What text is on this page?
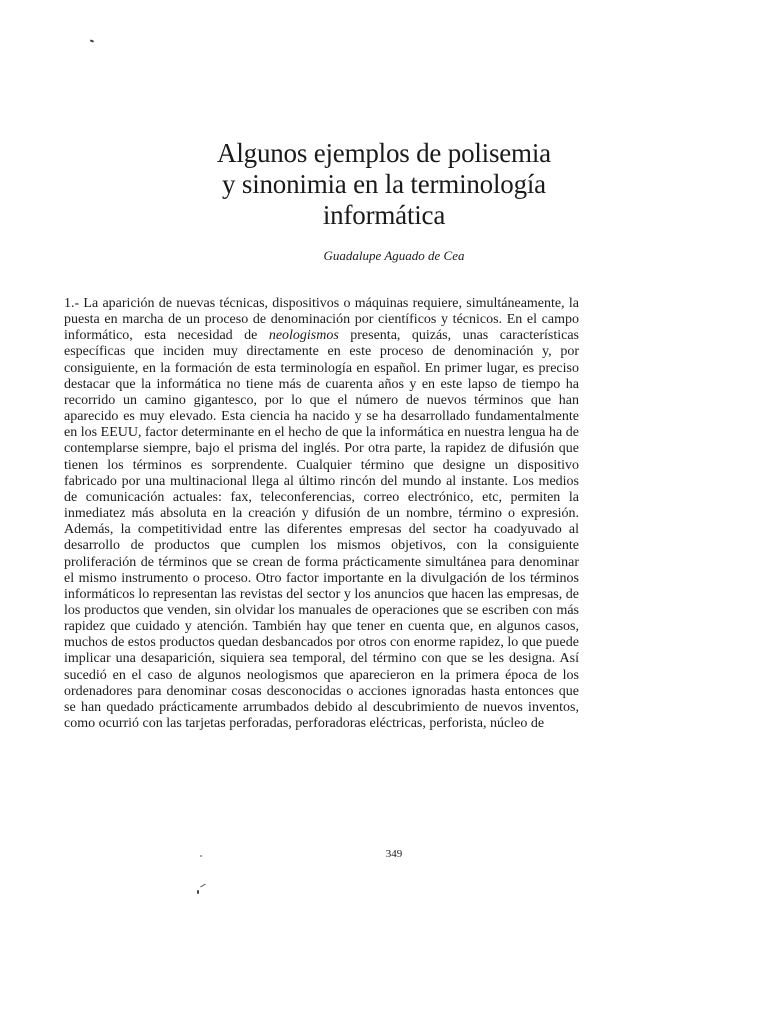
Algunos ejemplos de polisemia
y sinonimia en la terminología
informática
Guadalupe Aguado de Cea

1.- La aparición de nuevas técnicas, dispositivos o máquinas requiere, simultáneamente, la puesta en marcha de un proceso de denominación por científicos y técnicos. En el campo informático, esta necesidad de neologismos presenta, quizás, unas características específicas que inciden muy directamente en este proceso de denominación y, por consiguiente, en la formación de esta terminología en español. En primer lugar, es preciso destacar que la informática no tiene más de cuarenta años y en este lapso de tiempo ha recorrido un camino gigantesco, por lo que el número de nuevos términos que han aparecido es muy elevado. Esta ciencia ha nacido y se ha desarrollado fundamentalmente en los EEUU, factor determinante en el hecho de que la informática en nuestra lengua ha de contemplarse siempre, bajo el prisma del inglés. Por otra parte, la rapidez de difusión que tienen los términos es sorprendente. Cualquier término que designe un dispositivo fabricado por una multinacional llega al último rincón del mundo al instante. Los medios de comunicación actuales: fax, teleconferencias, correo electrónico, etc, permiten la inmediatez más absoluta en la creación y difusión de un nombre, término o expresión. Además, la competitividad entre las diferentes empresas del sector ha coadyuvado al desarrollo de productos que cumplen los mismos objetivos, con la consiguiente proliferación de términos que se crean de forma prácticamente simultánea para denominar el mismo instrumento o proceso. Otro factor importante en la divulgación de los términos informáticos lo representan las revistas del sector y los anuncios que hacen las empresas, de los productos que venden, sin olvidar los manuales de operaciones que se escriben con más rapidez que cuidado y atención. También hay que tener en cuenta que, en algunos casos, muchos de estos productos quedan desbancados por otros con enorme rapidez, lo que puede implicar una desaparición, siquiera sea temporal, del término con que se les designa. Así sucedió en el caso de algunos neologismos que aparecieron en la primera época de los ordenadores para denominar cosas desconocidas o acciones ignoradas hasta entonces que se han quedado prácticamente arrumbados debido al descubrimiento de nuevos inventos, como ocurrió con las tarjetas perforadas, perforadoras eléctricas, perforista, núcleo de

349
